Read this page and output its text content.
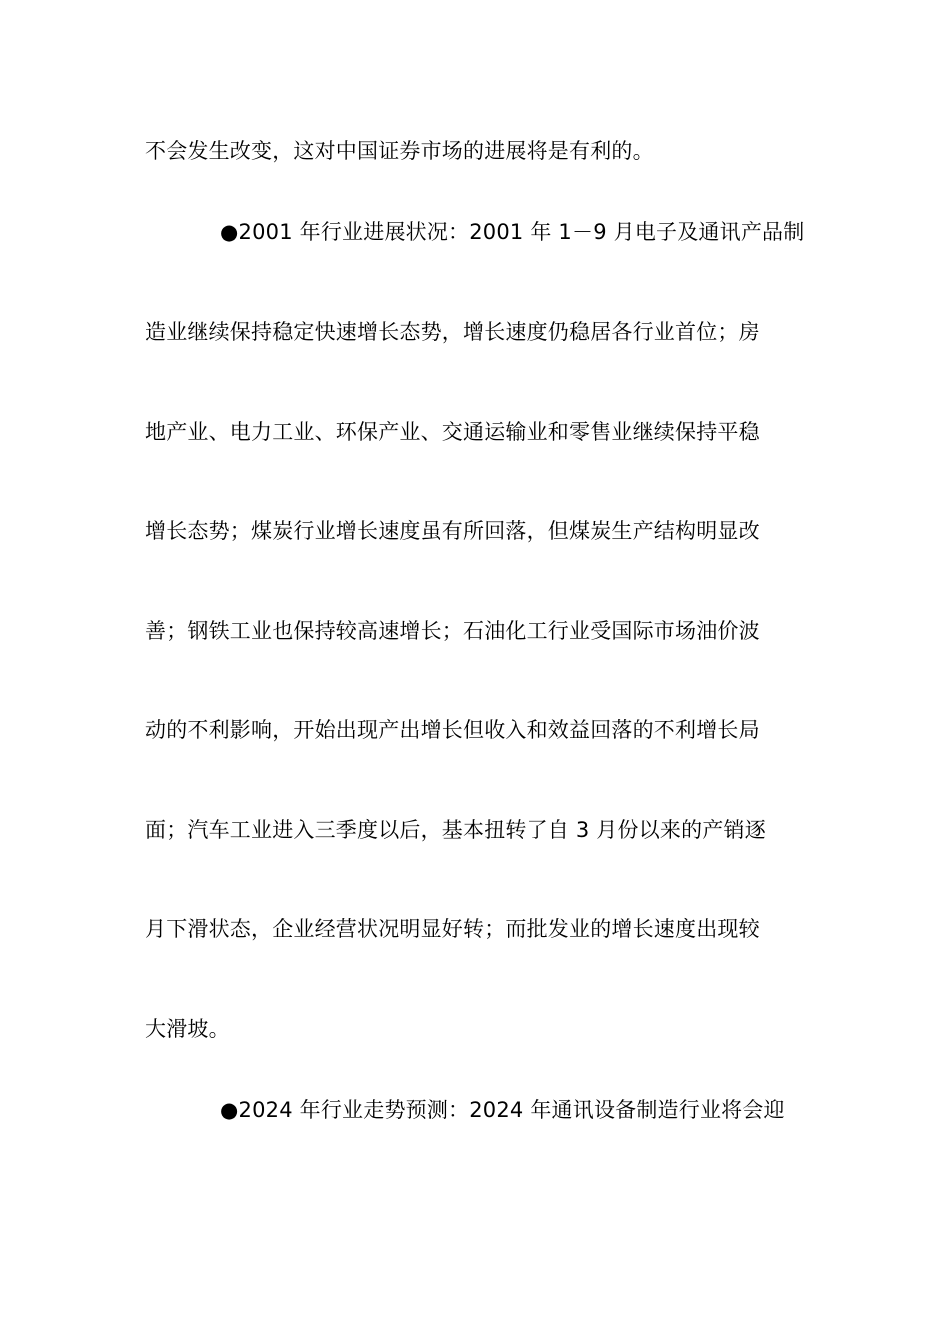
不会发生改变，这对中国证券市场的进展将是有利的。
●2001 年行业进展状况：2001 年 1－9 月电子及通讯产品制
造业继续保持稳定快速增长态势，增长速度仍稳居各行业首位；房
地产业、电力工业、环保产业、交通运输业和零售业继续保持平稳
增长态势；煤炭行业增长速度虽有所回落，但煤炭生产结构明显改
善；钢铁工业也保持较高速增长；石油化工行业受国际市场油价波
动的不利影响，开始出现产出增长但收入和效益回落的不利增长局
面；汽车工业进入三季度以后，基本扭转了自 3 月份以来的产销逐
月下滑状态，企业经营状况明显好转；而批发业的增长速度出现较
大滑坡。
●2024 年行业走势预测：2024 年通讯设备制造行业将会迎
